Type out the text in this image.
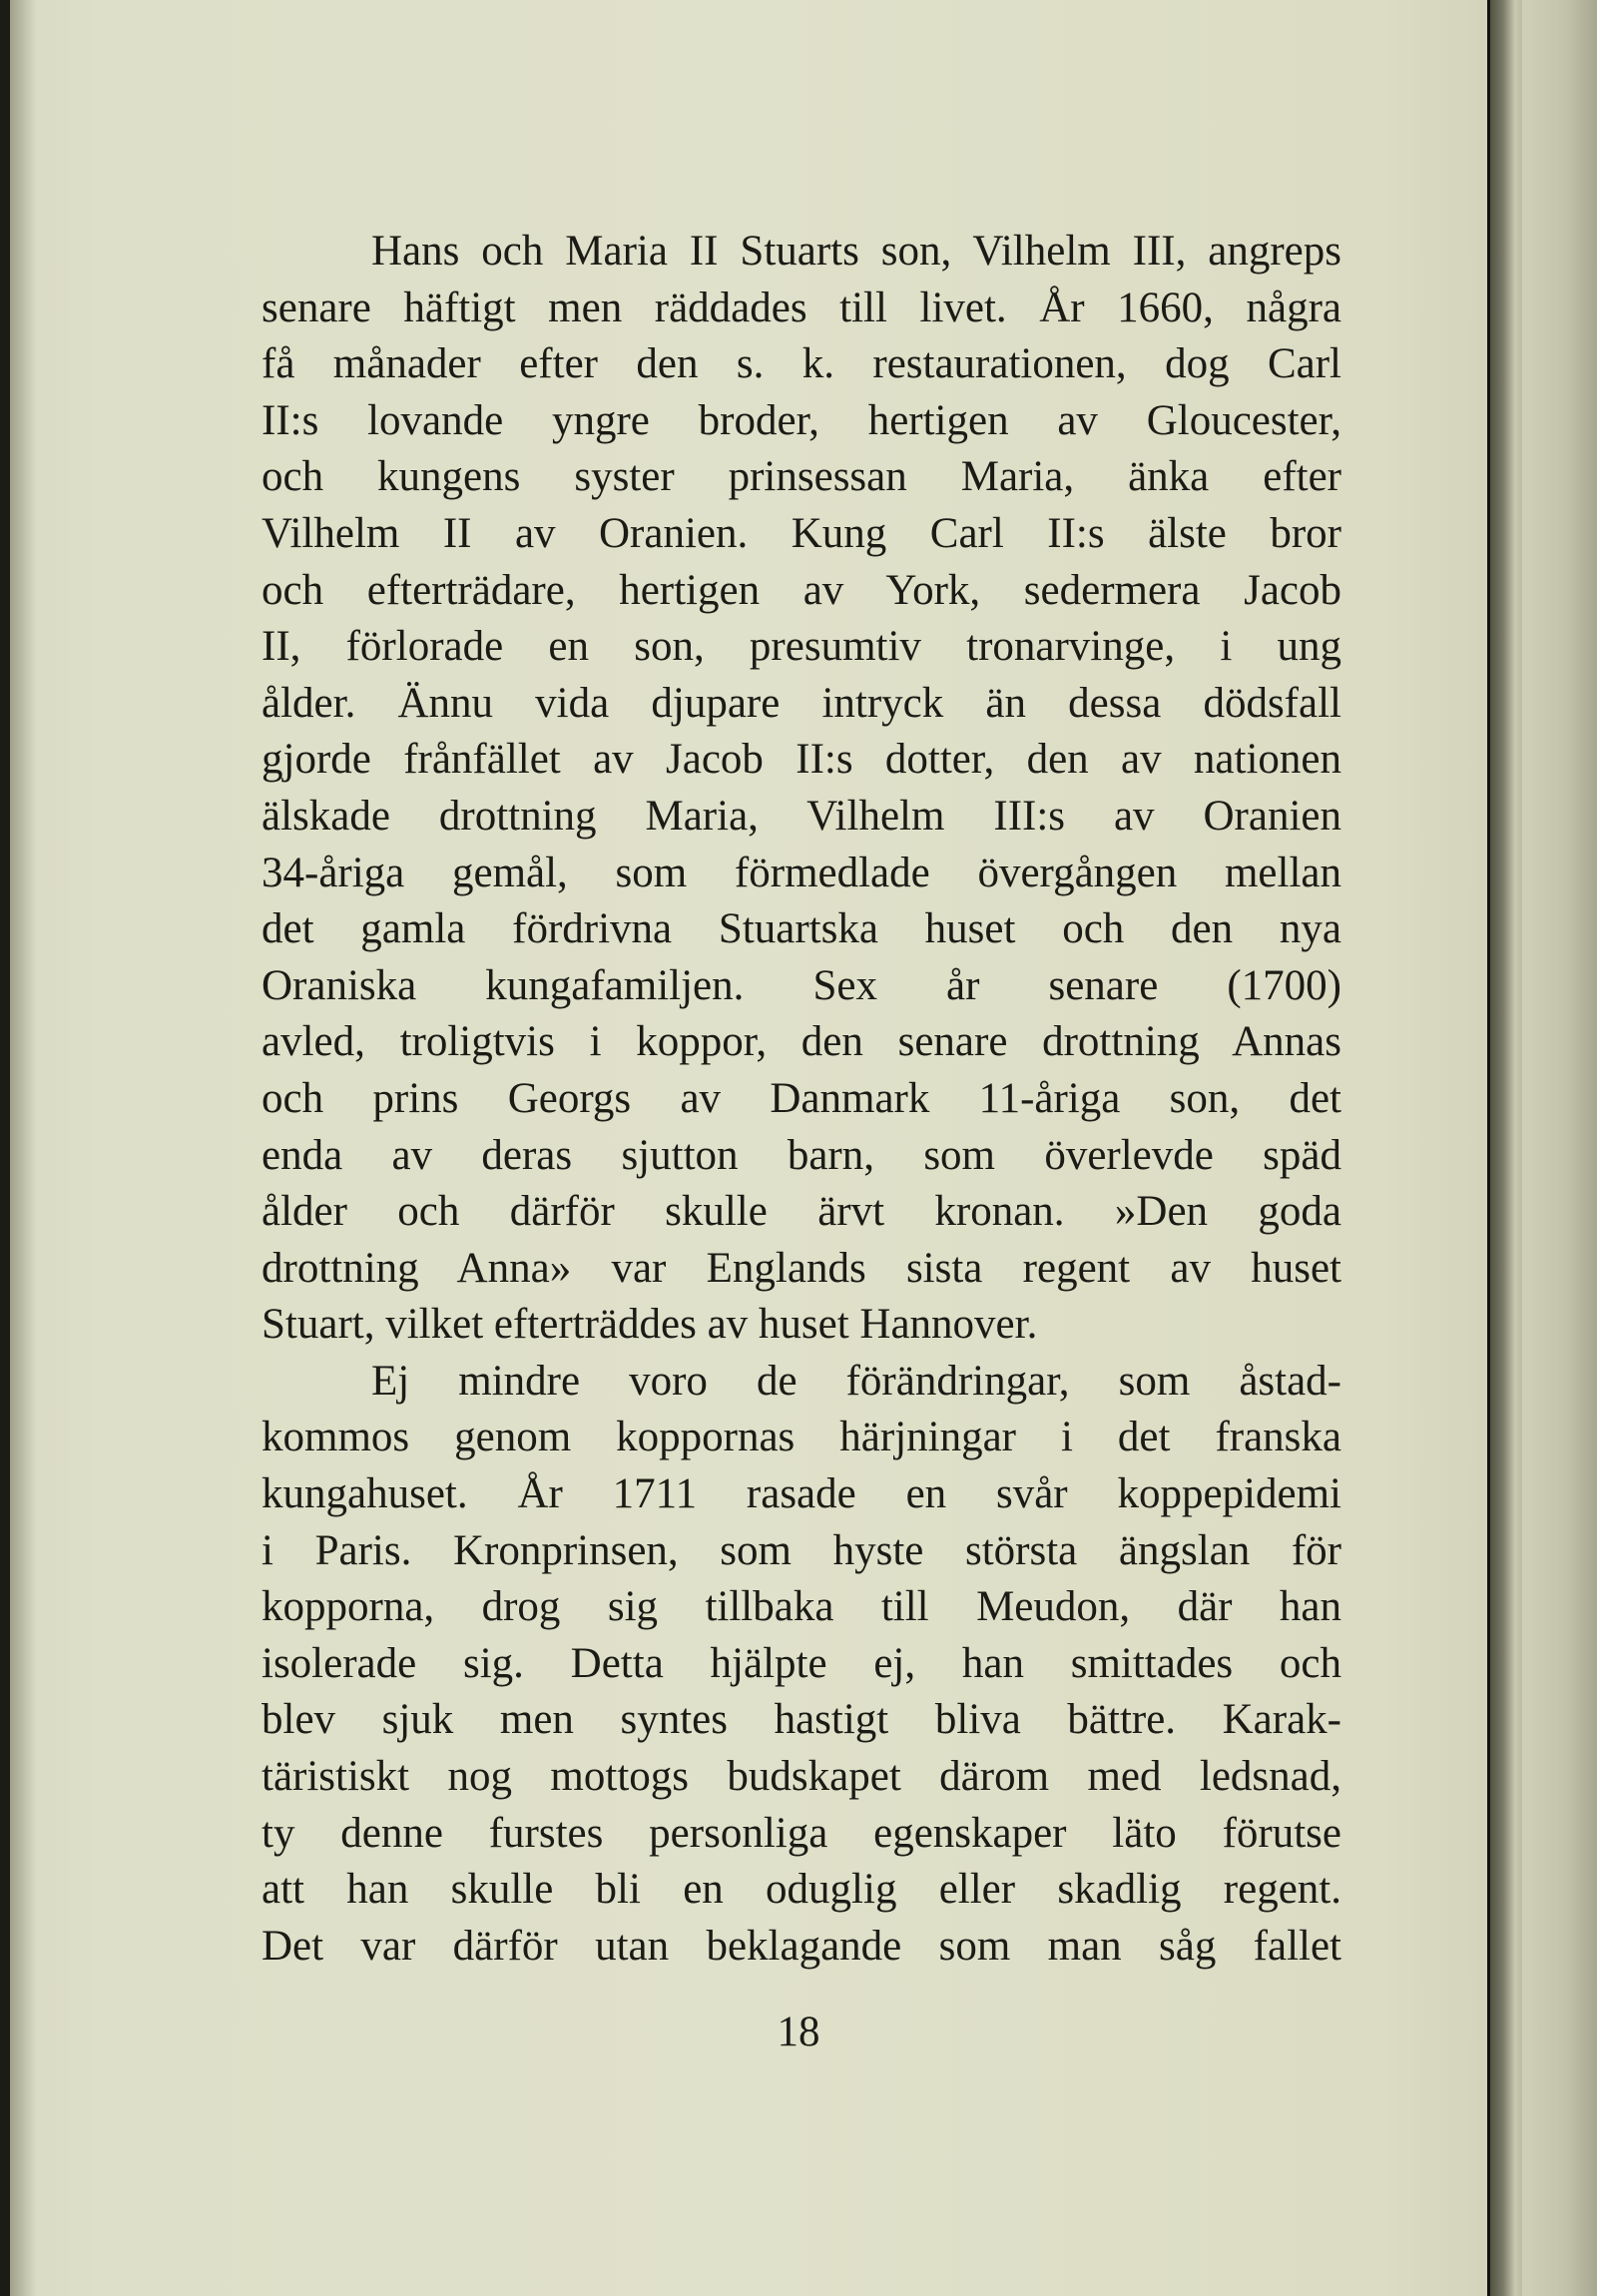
Hans och Maria II Stuarts son, Vilhelm III, angreps
senare häftigt men räddades till livet. År 1660, några
få månader efter den s. k. restaurationen, dog Carl
II:s lovande yngre broder, hertigen av Gloucester,
och kungens syster prinsessan Maria, änka efter
Vilhelm II av Oranien. Kung Carl II:s älste bror
och efterträdare, hertigen av York, sedermera Jacob
II, förlorade en son, presumtiv tronarvinge, i ung
ålder. Ännu vida djupare intryck än dessa dödsfall
gjorde frånfället av Jacob II:s dotter, den av nationen
älskade drottning Maria, Vilhelm III:s av Oranien
34-åriga gemål, som förmedlade övergången mellan
det gamla fördrivna Stuartska huset och den nya
Oraniska kungafamiljen. Sex år senare (1700)
avled, troligtvis i koppor, den senare drottning Annas
och prins Georgs av Danmark 11-åriga son, det
enda av deras sjutton barn, som överlevde späd
ålder och därför skulle ärvt kronan. »Den goda
drottning Anna» var Englands sista regent av huset
Stuart, vilket efterträddes av huset Hannover.
Ej mindre voro de förändringar, som åstad-
kommos genom koppornas härjningar i det franska
kungahuset. År 1711 rasade en svår koppepidemi
i Paris. Kronprinsen, som hyste största ängslan för
kopporna, drog sig tillbaka till Meudon, där han
isolerade sig. Detta hjälpte ej, han smittades och
blev sjuk men syntes hastigt bliva bättre. Karak-
täristiskt nog mottogs budskapet därom med ledsnad,
ty denne furstes personliga egenskaper läto förutse
att han skulle bli en oduglig eller skadlig regent.
Det var därför utan beklagande som man såg fallet
18
